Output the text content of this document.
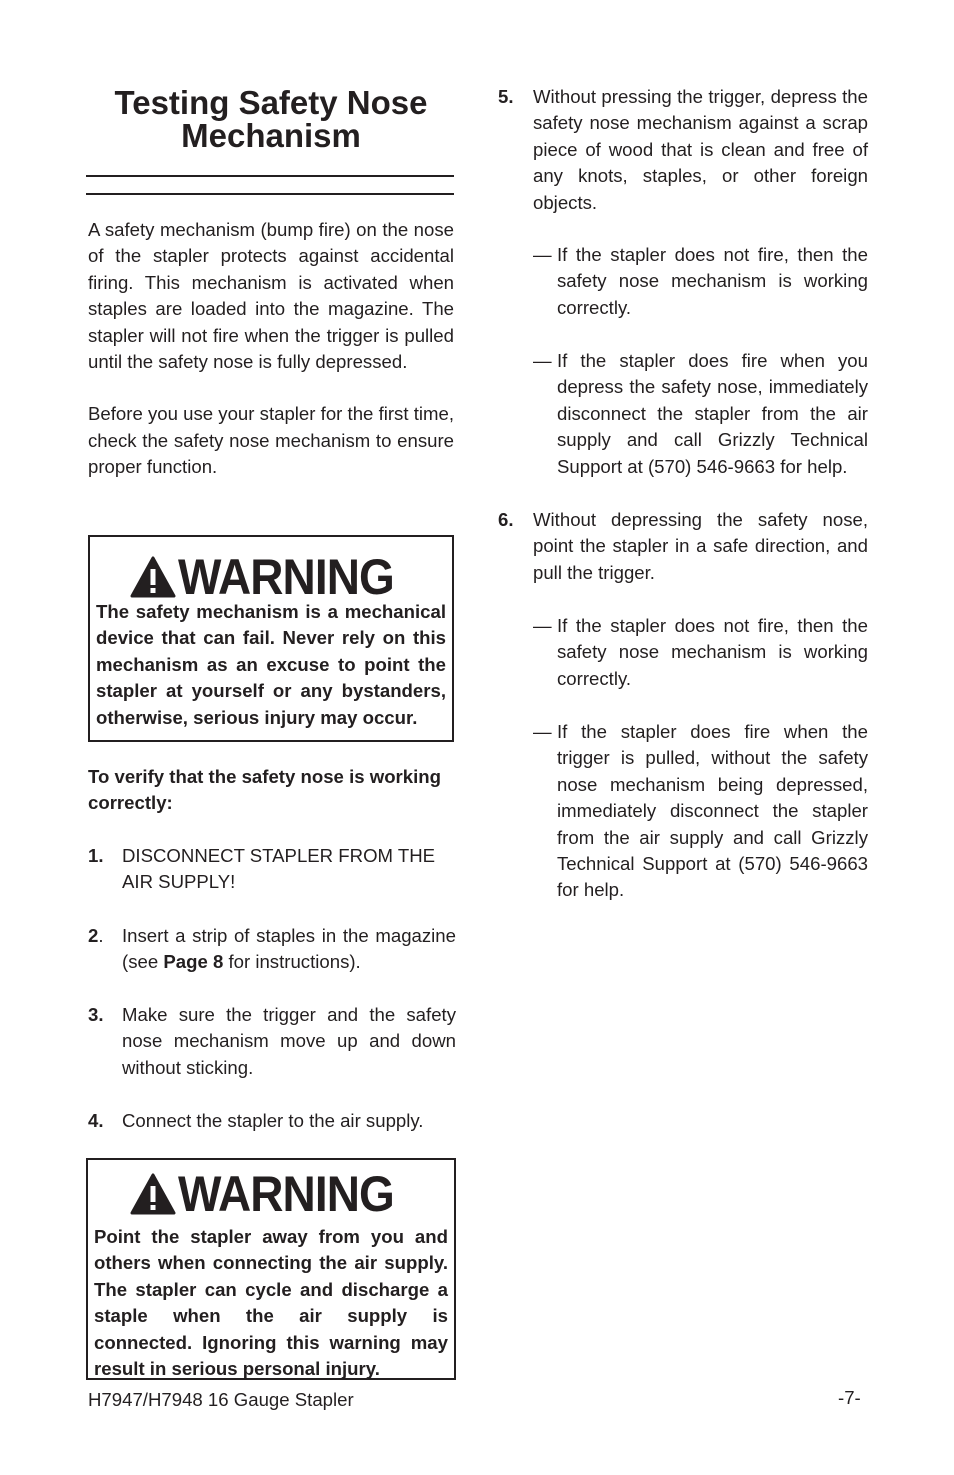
Testing Safety Nose
Mechanism

A safety mechanism (bump fire) on the nose of the stapler protects against accidental firing. This mechanism is activated when staples are loaded into the magazine. The stapler will not fire when the trigger is pulled until the safety nose is fully depressed.

Before you use your stapler for the first time, check the safety nose mechanism to ensure proper function.

WARNING

The safety mechanism is a mechanical device that can fail. Never rely on this mechanism as an excuse to point the stapler at yourself or any bystanders, otherwise, serious injury may occur.

To verify that the safety nose is working correctly:

1. DISCONNECT STAPLER FROM THE AIR SUPPLY!

2. Insert a strip of staples in the magazine (see Page 8 for instructions).

3. Make sure the trigger and the safety nose mechanism move up and down without sticking.

4. Connect the stapler to the air supply.

WARNING

Point the stapler away from you and others when connecting the air supply. The stapler can cycle and discharge a staple when the air supply is connected. Ignoring this warning may result in serious personal injury.

5. Without pressing the trigger, depress the safety nose mechanism against a scrap piece of wood that is clean and free of any knots, staples, or other foreign objects.

— If the stapler does not fire, then the safety nose mechanism is working correctly.

— If the stapler does fire when you depress the safety nose, immediately disconnect the stapler from the air supply and call Grizzly Technical Support at (570) 546-9663 for help.

6. Without depressing the safety nose, point the stapler in a safe direction, and pull the trigger.

— If the stapler does not fire, then the safety nose mechanism is working correctly.

— If the stapler does fire when the trigger is pulled, without the safety nose mechanism being depressed, immediately disconnect the stapler from the air supply and call Grizzly Technical Support at (570) 546-9663 for help.

H7947/H7948 16 Gauge Stapler	-7-
